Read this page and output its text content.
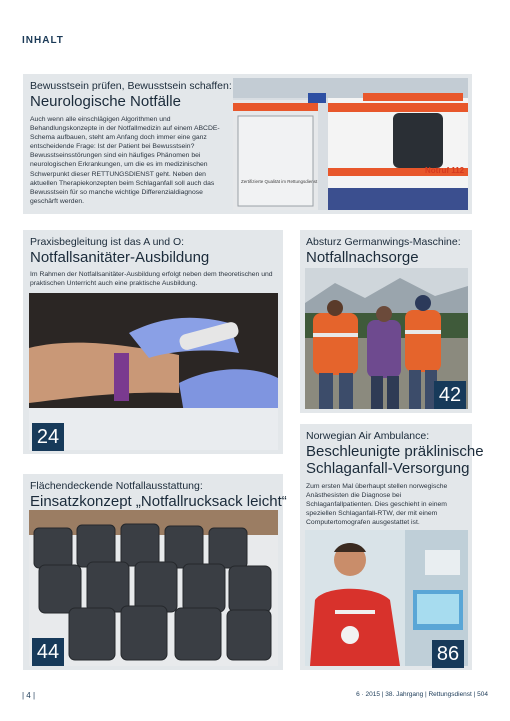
INHALT
Bewusstsein prüfen, Bewusstsein schaffen:
Neurologische Notfälle
Auch wenn alle einschlägigen Algorithmen und Behandlungskonzepte in der Notfallmedizin auf einem ABCDE-Schema aufbauen, steht am Anfang doch immer eine ganz entscheidende Frage: Ist der Patient bei Bewusstsein? Bewusstseinsstörungen sind ein häufiges Phänomen bei neurologischen Erkrankungen, um die es im medizinischen Schwerpunkt dieser RETTUNGSDIENST geht. Neben den aktuellen Therapiekonzepten beim Schlaganfall soll auch das Bewusstsein für so manche wichtige Differenzialdiagnose geschärft werden.
Notruf 112
Zertifizierte Qualität im Rettungsdienst
Praxisbegleitung ist das A und O:
Notfallsanitäter-Ausbildung
Im Rahmen der Notfallsanitäter-Ausbildung erfolgt neben dem theoretischen und praktischen Unterricht auch eine praktische Ausbildung.
24
Absturz Germanwings-Maschine:
Notfallnachsorge
42
Norwegian Air Ambulance:
Beschleunigte präklinische
Schlaganfall-Versorgung
Zum ersten Mal überhaupt stellen norwegische Anästhesisten die Diagnose bei Schlaganfallpatienten. Dies geschieht in einem speziellen Schlaganfall-RTW, der mit einem Computertomografen ausgestattet ist.
86
Flächendeckende Notfallausstattung:
Einsatzkonzept „Notfallrucksack leicht“
44
| 4 |	6 · 2015 | 38. Jahrgang | Rettungsdienst | 504
